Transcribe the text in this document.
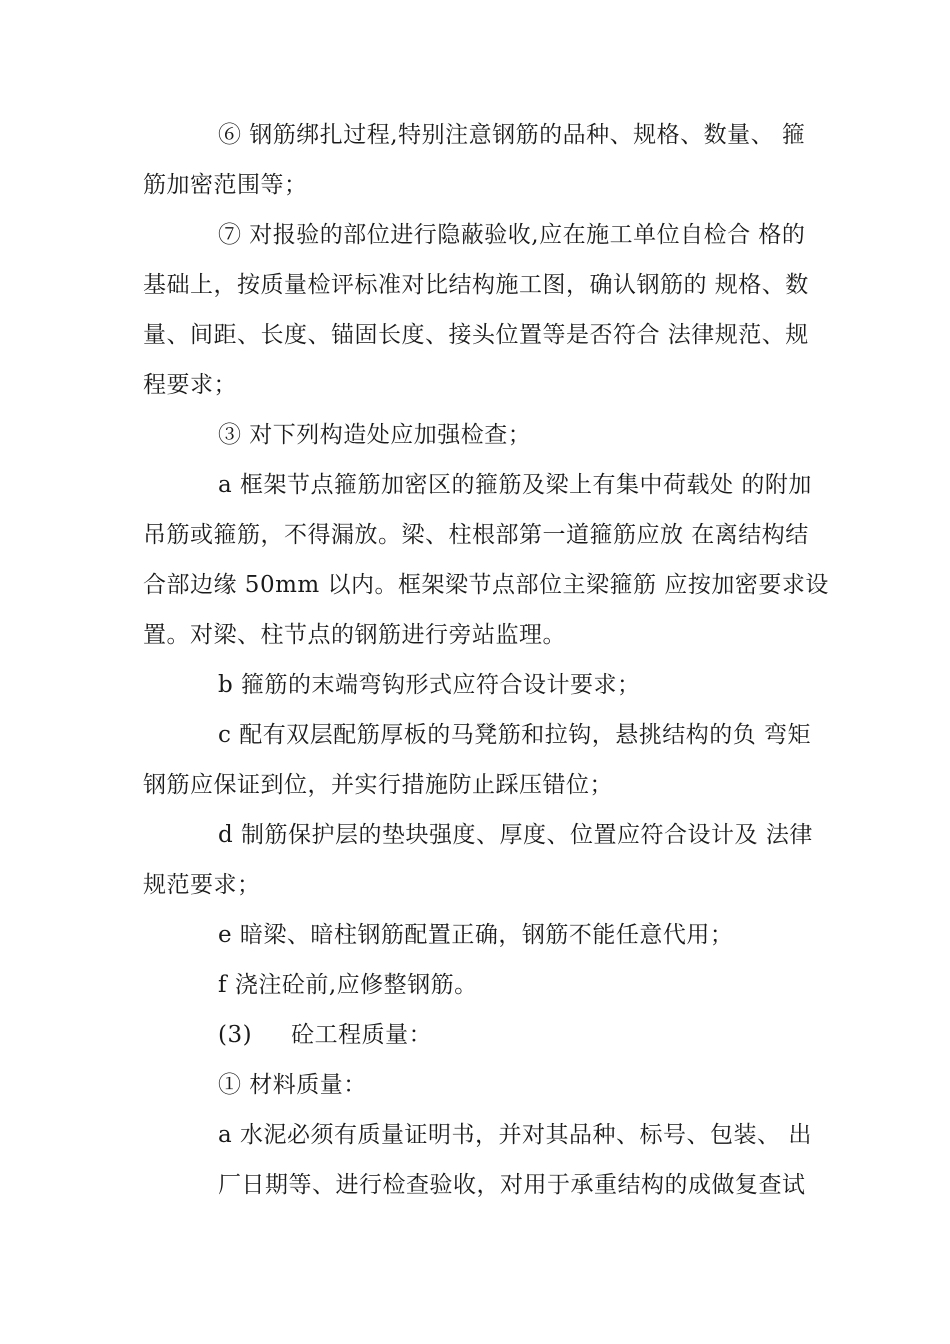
⑥ 钢筋绑扎过程,特别注意钢筋的品种、规格、数量、 箍
筋加密范围等；
⑦ 对报验的部位进行隐蔽验收,应在施工单位自检合 格的
基础上，按质量检评标准对比结构施工图，确认钢筋的 规格、数
量、间距、长度、锚固长度、接头位置等是否符合 法律规范、规
程要求；
③ 对下列构造处应加强检查；
a 框架节点箍筋加密区的箍筋及梁上有集中荷载处 的附加
吊筋或箍筋，不得漏放。梁、柱根部第一道箍筋应放 在离结构结
合部边缘 50mm 以内。框架梁节点部位主梁箍筋 应按加密要求设
置。对梁、柱节点的钢筋进行旁站监理。
b 箍筋的末端弯钩形式应符合设计要求；
c 配有双层配筋厚板的马凳筋和拉钩，悬挑结构的负 弯矩
钢筋应保证到位，并实行措施防止踩压错位；
d 制筋保护层的垫块强度、厚度、位置应符合设计及 法律
规范要求；
e 暗梁、暗柱钢筋配置正确，钢筋不能任意代用；
f 浇注砼前,应修整钢筋。
(3)     砼工程质量：
① 材料质量：
a 水泥必须有质量证明书，并对其品种、标号、包装、 出
厂日期等、进行检查验收，对用于承重结构的成做复查试
